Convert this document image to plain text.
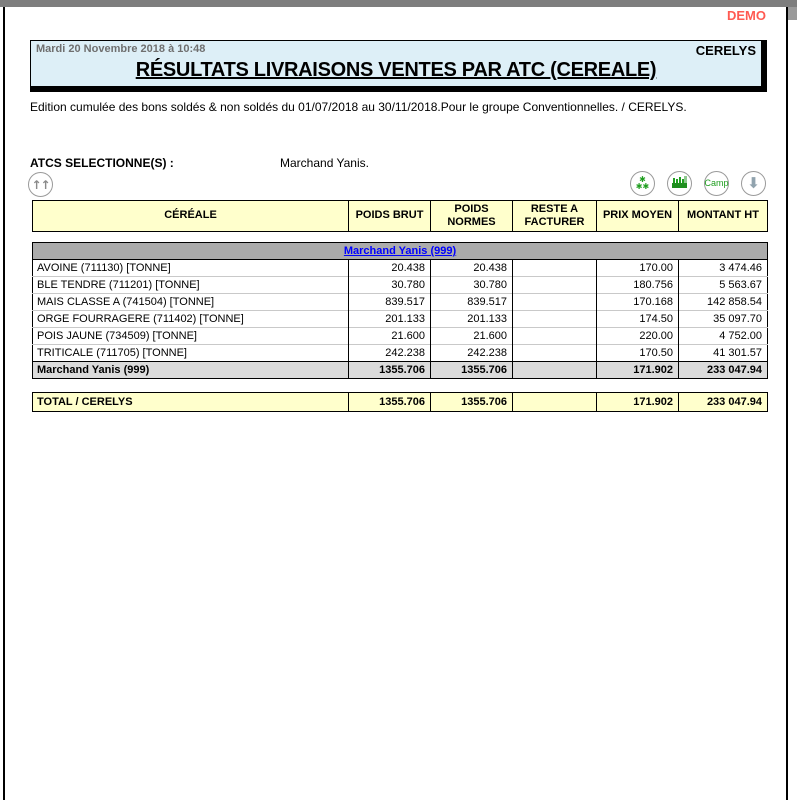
DEMO
Mardi 20 Novembre 2018 à 10:48	CERELYS
RÉSULTATS LIVRAISONS VENTES PAR ATC (CEREALE)
Edition cumulée des bons soldés & non soldés du 01/07/2018 au 30/11/2018.Pour le groupe Conventionnelles. / CERELYS.
ATCS SELECTIONNE(S) :	Marchand Yanis.
↑↑	✱
✱✱	Camp ⬇
CÉRÉALE	POIDS BRUT	POIDS NORMES	RESTE A FACTURER	PRIX MOYEN	MONTANT HT
Marchand Yanis (999)					
AVOINE (711130) [TONNE]	20.438	20.438		170.00	3 474.46
BLE TENDRE (711201) [TONNE]	30.780	30.780		180.756	5 563.67
MAIS CLASSE A (741504) [TONNE]	839.517	839.517		170.168	142 858.54
ORGE FOURRAGERE (711402) [TONNE]	201.133	201.133		174.50	35 097.70
POIS JAUNE (734509) [TONNE]	21.600	21.600		220.00	4 752.00
TRITICALE (711705) [TONNE]	242.238	242.238		170.50	41 301.57
Marchand Yanis (999)	1355.706	1355.706		171.902	233 047.94
TOTAL / CERELYS	1355.706	1355.706		171.902	233 047.94
